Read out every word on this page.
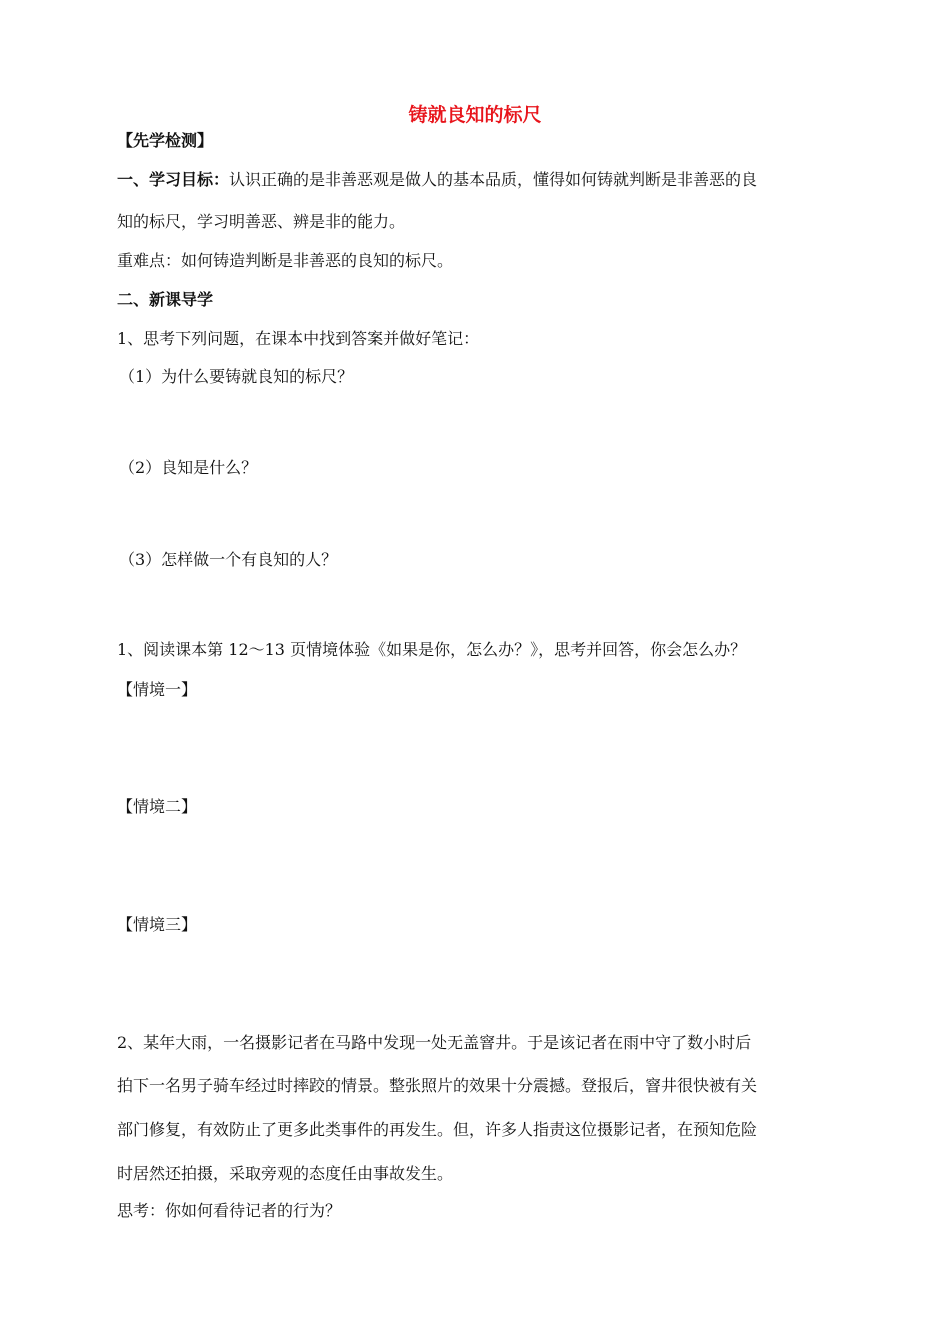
铸就良知的标尺
【先学检测】
一、学习目标：认识正确的是非善恶观是做人的基本品质，懂得如何铸就判断是非善恶的良
知的标尺，学习明善恶、辨是非的能力。
重难点：如何铸造判断是非善恶的良知的标尺。
二、新课导学
1、思考下列问题，在课本中找到答案并做好笔记：
（1）为什么要铸就良知的标尺？
（2）良知是什么？
（3）怎样做一个有良知的人？
1、阅读课本第 12～13 页情境体验《如果是你，怎么办？》，思考并回答，你会怎么办？
【情境一】
【情境二】
【情境三】
2、某年大雨，一名摄影记者在马路中发现一处无盖窨井。于是该记者在雨中守了数小时后
拍下一名男子骑车经过时摔跤的情景。整张照片的效果十分震撼。登报后，窨井很快被有关
部门修复，有效防止了更多此类事件的再发生。但，许多人指责这位摄影记者，在预知危险
时居然还拍摄，采取旁观的态度任由事故发生。
思考：你如何看待记者的行为？
